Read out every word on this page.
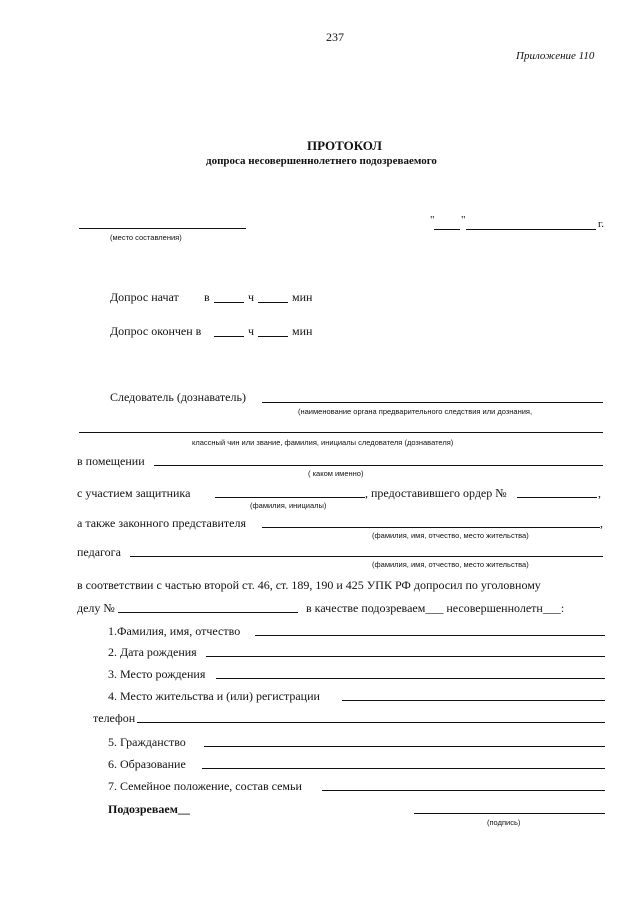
237
Приложение 110
ПРОТОКОЛ
допроса несовершеннолетнего подозреваемого
(место составления)
" "	г.
Допрос начат в	ч	мин
Допрос окончен в	ч	мин
Следователь (дознаватель)
(наименование органа предварительного следствия или дознания,
классный чин или звание, фамилия, инициалы следователя (дознавателя)
в помещении
( каком именно)
с участием защитника
(фамилия, инициалы)
, предоставившего ордер №	,
а также законного представителя	,
(фамилия, имя, отчество, место жительства)
педагога
(фамилия, имя, отчество, место жительства)
в соответствии с частью второй ст. 46, ст. 189, 190 и 425 УПК РФ допросил по уголовному
делу №	в качестве подозреваем___ несовершеннолетн___:
1.Фамилия, имя, отчество
2. Дата рождения
3. Место рождения
4. Место жительства и (или) регистрации
телефон
5. Гражданство
6. Образование
7. Семейное положение, состав семьи
Подозреваем__
(подпись)
